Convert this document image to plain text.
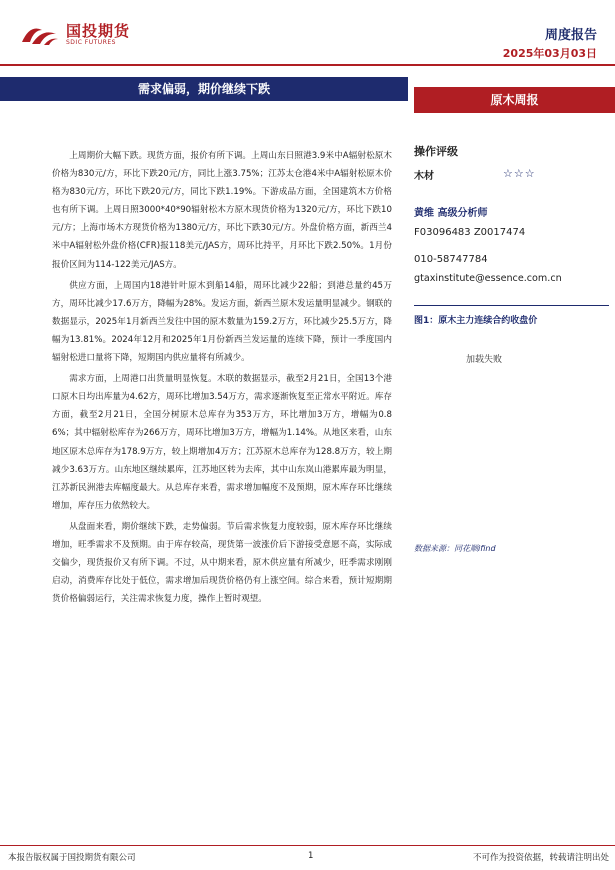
国投期货
SDIC FUTURES	周度报告
2025年03月03日
需求偏弱，期价继续下跌
原木周报

上周期价大幅下跌。现货方面，报价有所下调。上周山东日照港3.9米中A辐射松原木价格为830元/方，环比下跌20元/方，同比上涨3.75%；江苏太仓港4米中A辐射松原木价格为830元/方，环比下跌20元/方，同比下跌1.19%。下游成品方面，全国建筑木方价格也有所下调。上周日照3000*40*90辐射松木方原木现货价格为1320元/方，环比下跌10元/方；上海市场木方现货价格为1380元/方，环比下跌30元/方。外盘价格方面，新西兰4米中A辐射松外盘价格(CFR)报118美元/JAS方，周环比持平，月环比下跌2.50%。1月份报价区间为114-122美元/JAS方。

供应方面，上周国内18港针叶原木到船14船，周环比减少22船；到港总量约45万方，周环比减少17.6万方，降幅为28%。发运方面，新西兰原木发运量明显减少。钢联的数据显示，2025年1月新西兰发往中国的原木数量为159.2万方，环比减少25.5万方，降幅为13.81%。2024年12月和2025年1月份新西兰发运量的连续下降，预计一季度国内辐射松进口量将下降，短期国内供应量将有所减少。

需求方面，上周港口出货量明显恢复。木联的数据显示，截至2月21日，全国13个港口原木日均出库量为4.62方，周环比增加3.54万方，需求逐渐恢复至正常水平附近。库存方面，截至2月21日，全国分树原木总库存为353万方，环比增加3万方，增幅为0.86%；其中辐射松库存为266万方，周环比增加3万方，增幅为1.14%。从地区来看，山东地区原木总库存为178.9万方，较上期增加4万方；江苏原木总库存为128.8万方，较上期减少3.63万方。山东地区继续累库，江苏地区转为去库，其中山东岚山港累库最为明显，江苏新民洲港去库幅度最大。从总库存来看，需求增加幅度不及预期，原木库存环比继续增加，库存压力依然较大。

从盘面来看，期价继续下跌，走势偏弱。节后需求恢复力度较弱，原木库存环比继续增加，旺季需求不及预期。由于库存较高，现货第一波涨价后下游接受意愿不高，实际成交偏少，现货报价又有所下调。不过，从中期来看，原木供应量有所减少，旺季需求刚刚启动，消费库存比处于低位，需求增加后现货价格仍有上涨空间。综合来看，预计短期期货价格偏弱运行，关注需求恢复力度，操作上暂时观望。

操作评级
木材	☆☆☆
黄维 高级分析师
F03096483 Z0017474
010-58747784
gtaxinstitute@essence.com.cn
图1：原木主力连续合约收盘价
加载失败
数据来源：同花顺ifind
本报告版权属于国投期货有限公司	1	不可作为投资依据，转载请注明出处
